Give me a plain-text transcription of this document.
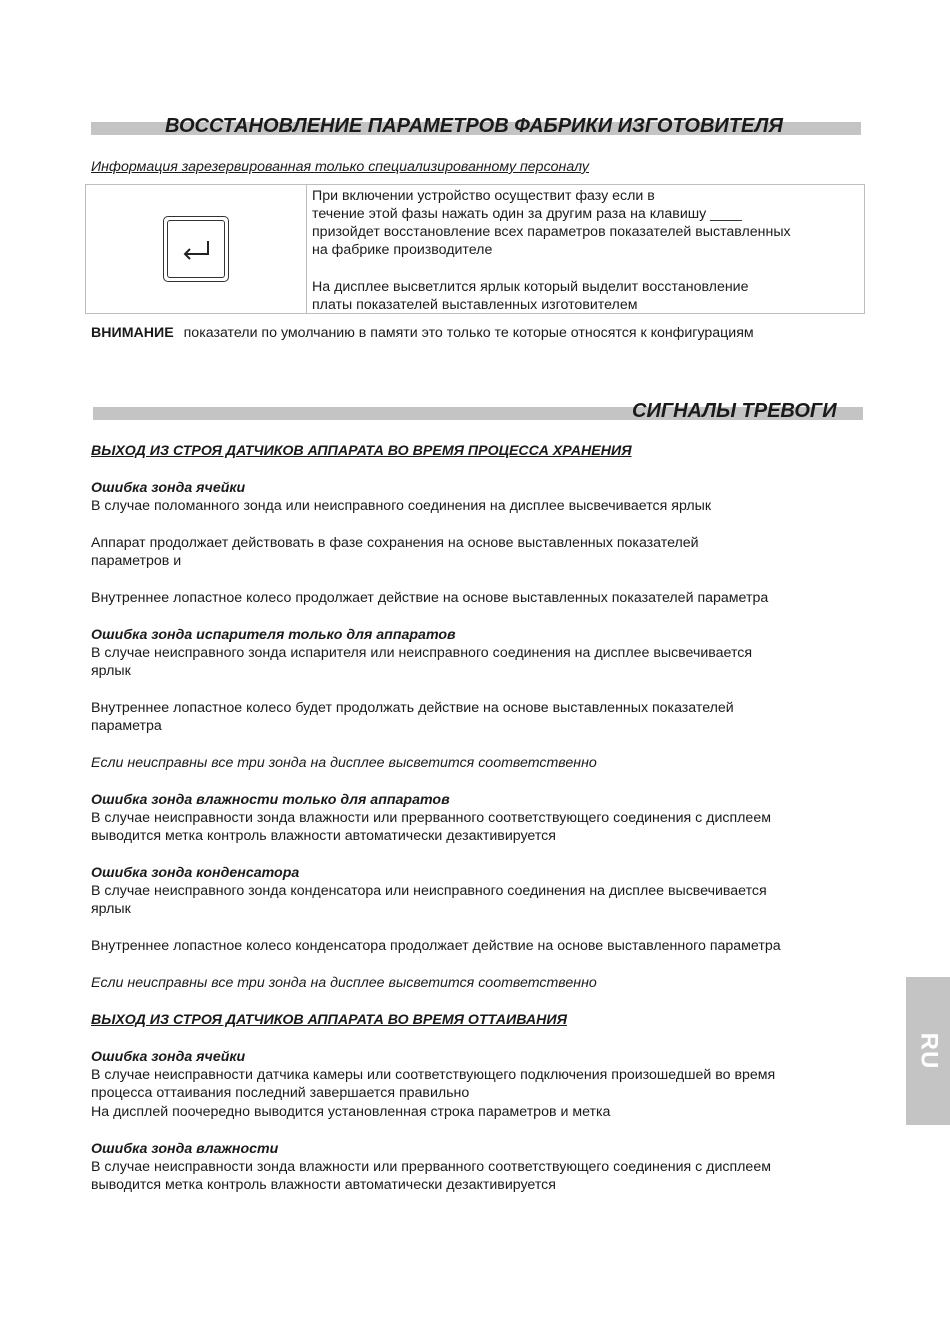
ВОССТАНОВЛЕНИЕ ПАРАМЕТРОВ ФАБРИКИ ИЗГОТОВИТЕЛЯ
Информация зарезервированная только специализированному персоналу
При включении устройство осуществит фазу если в
течение этой фазы нажать один за другим раза на клавишу ____
призойдет восстановление всех параметров показателей выставленных
на фабрике производителе
На дисплее высветлится ярлык который выделит восстановление
платы показателей выставленных изготовителем
ВНИМАНИЕ показатели по умолчанию в памяти это только те которые относятся к конфигурациям
СИГНАЛЫ ТРЕВОГИ
ВЫХОД ИЗ СТРОЯ ДАТЧИКОВ АППАРАТА ВО ВРЕМЯ ПРОЦЕССА ХРАНЕНИЯ
Ошибка зонда ячейки
В случае поломанного зонда или неисправного соединения на дисплее высвечивается ярлык
Аппарат продолжает действовать в фазе сохранения на основе выставленных показателей
параметров и
Внутреннее лопастное колесо продолжает действие на основе выставленных показателей параметра
Ошибка зонда испарителя только для аппаратов
В случае неисправного зонда испарителя или неисправного соединения на дисплее высвечивается
ярлык
Внутреннее лопастное колесо будет продолжать действие на основе выставленных показателей
параметра
Если неисправны все три зонда на дисплее высветится соответственно
Ошибка зонда влажности только для аппаратов
В случае неисправности зонда влажности или прерванного соответствующего соединения с дисплеем
выводится метка контроль влажности автоматически дезактивируется
Ошибка зонда конденсатора
В случае неисправного зонда конденсатора или неисправного соединения на дисплее высвечивается
ярлык
Внутреннее лопастное колесо конденсатора продолжает действие на основе выставленного параметра
Если неисправны все три зонда на дисплее высветится соответственно
ВЫХОД ИЗ СТРОЯ ДАТЧИКОВ АППАРАТА ВО ВРЕМЯ ОТТАИВАНИЯ
Ошибка зонда ячейки
В случае неисправности датчика камеры или соответствующего подключения произошедшей во время
процесса оттаивания последний завершается правильно
На дисплей поочередно выводится установленная строка параметров и метка
Ошибка зонда влажности
В случае неисправности зонда влажности или прерванного соответствующего соединения с дисплеем
выводится метка контроль влажности автоматически дезактивируется
RU
